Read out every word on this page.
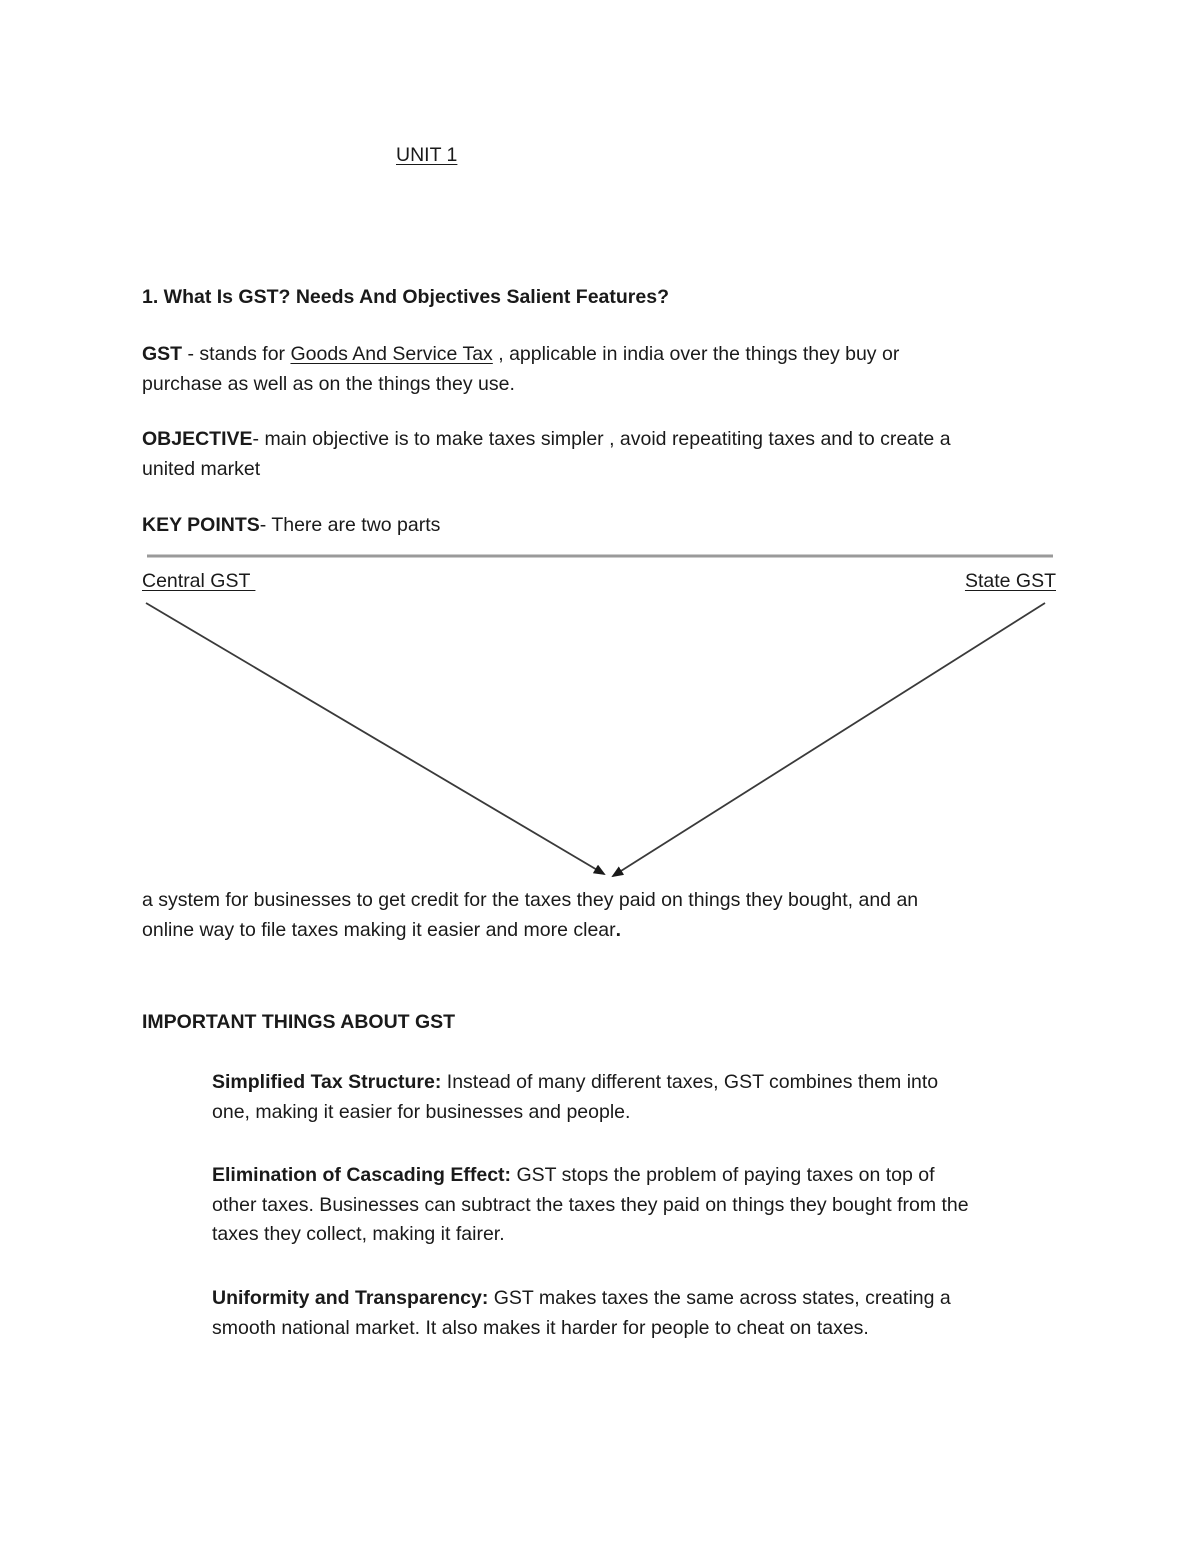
UNIT 1
1. What Is GST? Needs And Objectives Salient Features?
GST - stands for Goods And Service Tax , applicable in india over the things they buy or
purchase as well as on the things they use.
OBJECTIVE- main objective is to make taxes simpler , avoid repeatiting taxes and to create a
united market
KEY POINTS- There are two parts
Central GST	State GST
a system for businesses to get credit for the taxes they paid on things they bought, and an
online way to file taxes making it easier and more clear.
IMPORTANT THINGS ABOUT GST
Simplified Tax Structure: Instead of many different taxes, GST combines them into
one, making it easier for businesses and people.
Elimination of Cascading Effect: GST stops the problem of paying taxes on top of
other taxes. Businesses can subtract the taxes they paid on things they bought from the
taxes they collect, making it fairer.
Uniformity and Transparency: GST makes taxes the same across states, creating a
smooth national market. It also makes it harder for people to cheat on taxes.
